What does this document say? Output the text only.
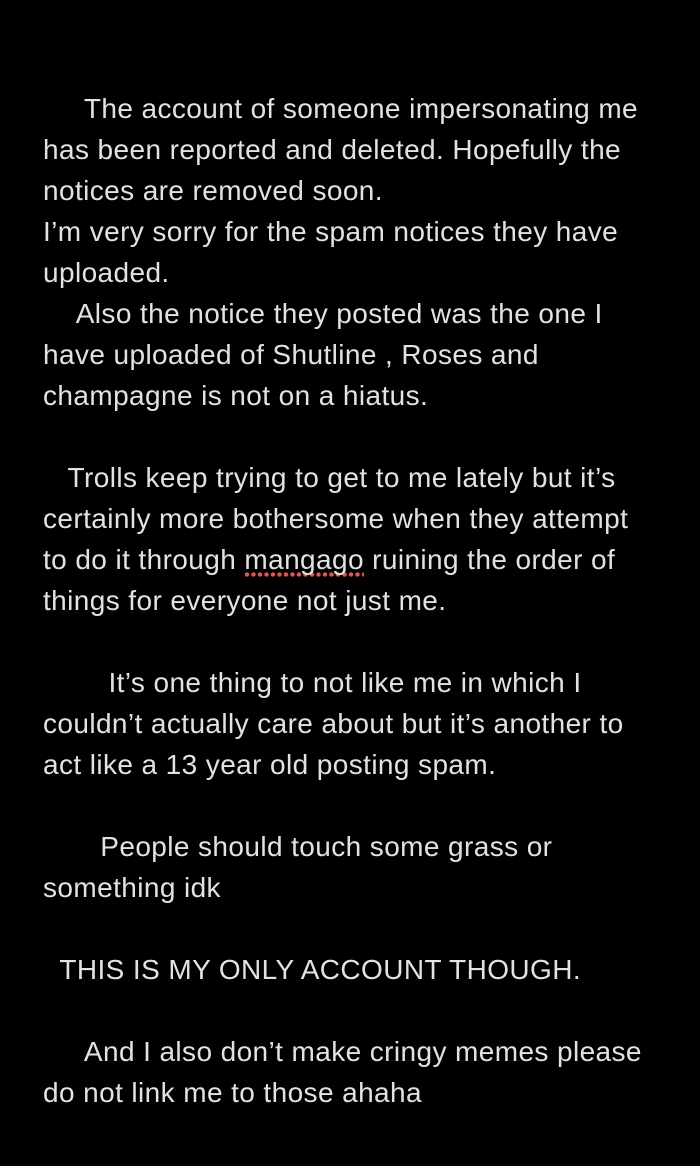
The account of someone impersonating me
has been reported and deleted. Hopefully the
notices are removed soon.
I’m very sorry for the spam notices they have
uploaded.
Also the notice they posted was the one I
have uploaded of Shutline , Roses and
champagne is not on a hiatus.
Trolls keep trying to get to me lately but it’s
certainly more bothersome when they attempt
to do it through mangago ruining the order of
things for everyone not just me.
It’s one thing to not like me in which I
couldn’t actually care about but it’s another to
act like a 13 year old posting spam.
People should touch some grass or
something idk
THIS IS MY ONLY ACCOUNT THOUGH.
And I also don’t make cringy memes please
do not link me to those ahaha
